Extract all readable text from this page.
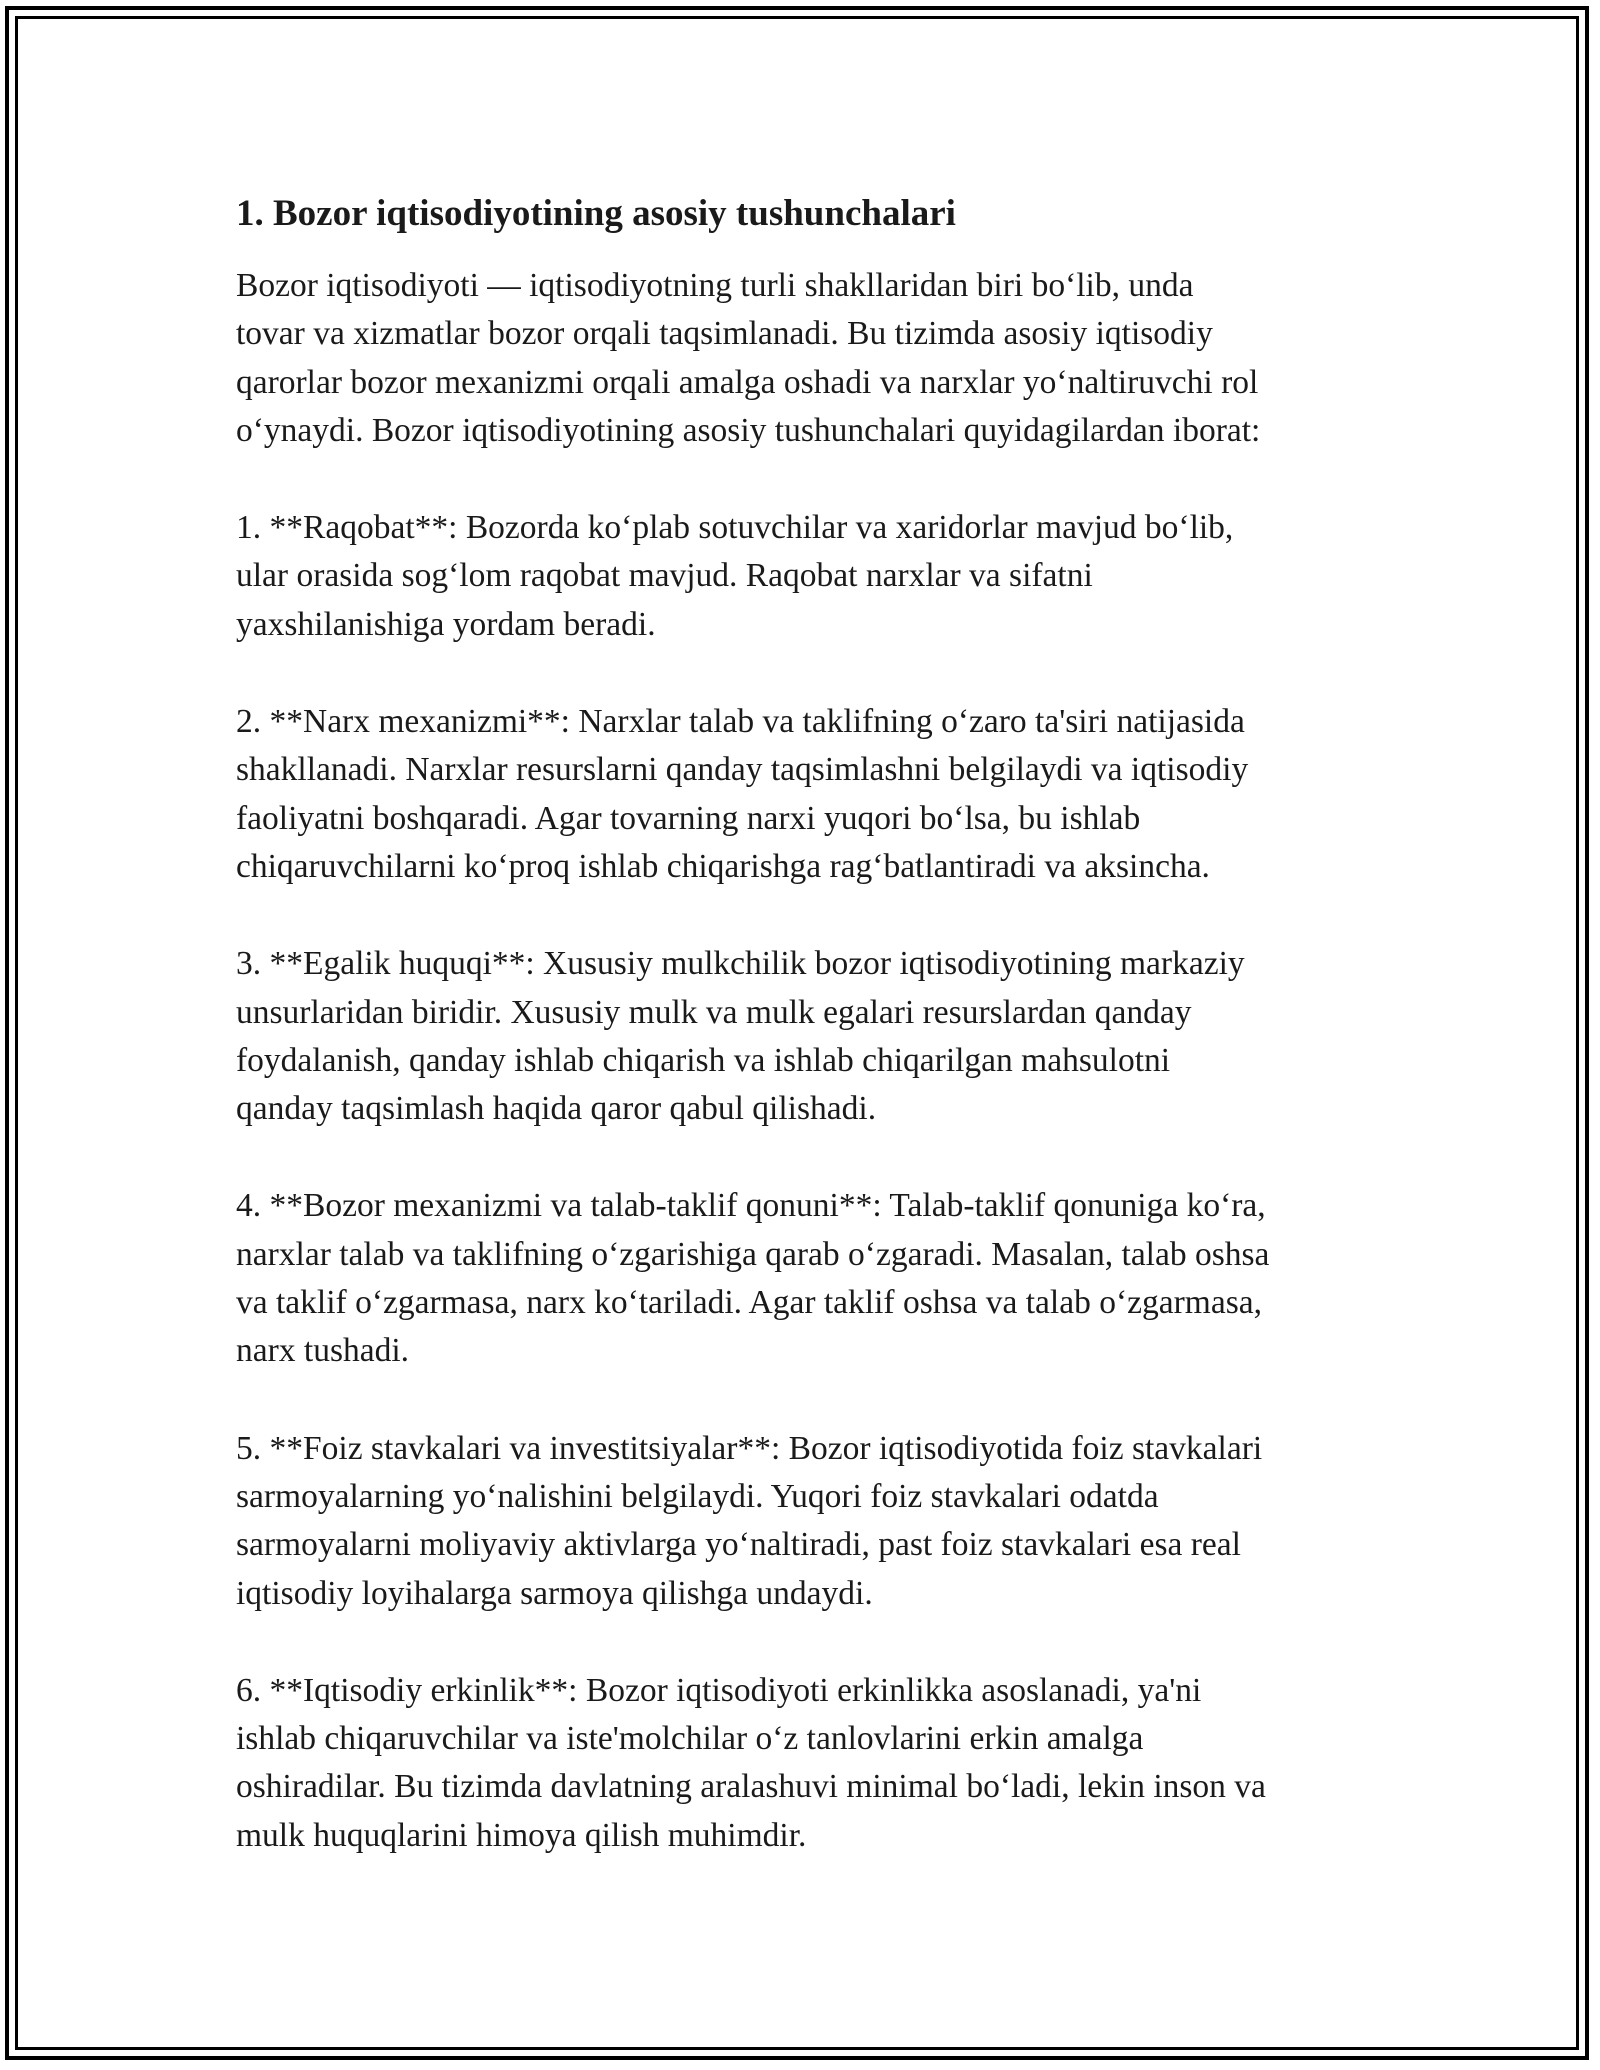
1. Bozor iqtisodiyotining asosiy tushunchalari

Bozor iqtisodiyoti — iqtisodiyotning turli shakllaridan biri bo‘lib, unda
tovar va xizmatlar bozor orqali taqsimlanadi. Bu tizimda asosiy iqtisodiy
qarorlar bozor mexanizmi orqali amalga oshadi va narxlar yo‘naltiruvchi rol
o‘ynaydi. Bozor iqtisodiyotining asosiy tushunchalari quyidagilardan iborat:

1. **Raqobat**: Bozorda ko‘plab sotuvchilar va xaridorlar mavjud bo‘lib,
ular orasida sog‘lom raqobat mavjud. Raqobat narxlar va sifatni
yaxshilanishiga yordam beradi.

2. **Narx mexanizmi**: Narxlar talab va taklifning o‘zaro ta'siri natijasida
shakllanadi. Narxlar resurslarni qanday taqsimlashni belgilaydi va iqtisodiy
faoliyatni boshqaradi. Agar tovarning narxi yuqori bo‘lsa, bu ishlab
chiqaruvchilarni ko‘proq ishlab chiqarishga rag‘batlantiradi va aksincha.

3. **Egalik huquqi**: Xususiy mulkchilik bozor iqtisodiyotining markaziy
unsurlaridan biridir. Xususiy mulk va mulk egalari resurslardan qanday
foydalanish, qanday ishlab chiqarish va ishlab chiqarilgan mahsulotni
qanday taqsimlash haqida qaror qabul qilishadi.

4. **Bozor mexanizmi va talab-taklif qonuni**: Talab-taklif qonuniga ko‘ra,
narxlar talab va taklifning o‘zgarishiga qarab o‘zgaradi. Masalan, talab oshsa
va taklif o‘zgarmasa, narx ko‘tariladi. Agar taklif oshsa va talab o‘zgarmasa,
narx tushadi.

5. **Foiz stavkalari va investitsiyalar**: Bozor iqtisodiyotida foiz stavkalari
sarmoyalarning yo‘nalishini belgilaydi. Yuqori foiz stavkalari odatda
sarmoyalarni moliyaviy aktivlarga yo‘naltiradi, past foiz stavkalari esa real
iqtisodiy loyihalarga sarmoya qilishga undaydi.

6. **Iqtisodiy erkinlik**: Bozor iqtisodiyoti erkinlikka asoslanadi, ya'ni
ishlab chiqaruvchilar va iste'molchilar o‘z tanlovlarini erkin amalga
oshiradilar. Bu tizimda davlatning aralashuvi minimal bo‘ladi, lekin inson va
mulk huquqlarini himoya qilish muhimdir.
